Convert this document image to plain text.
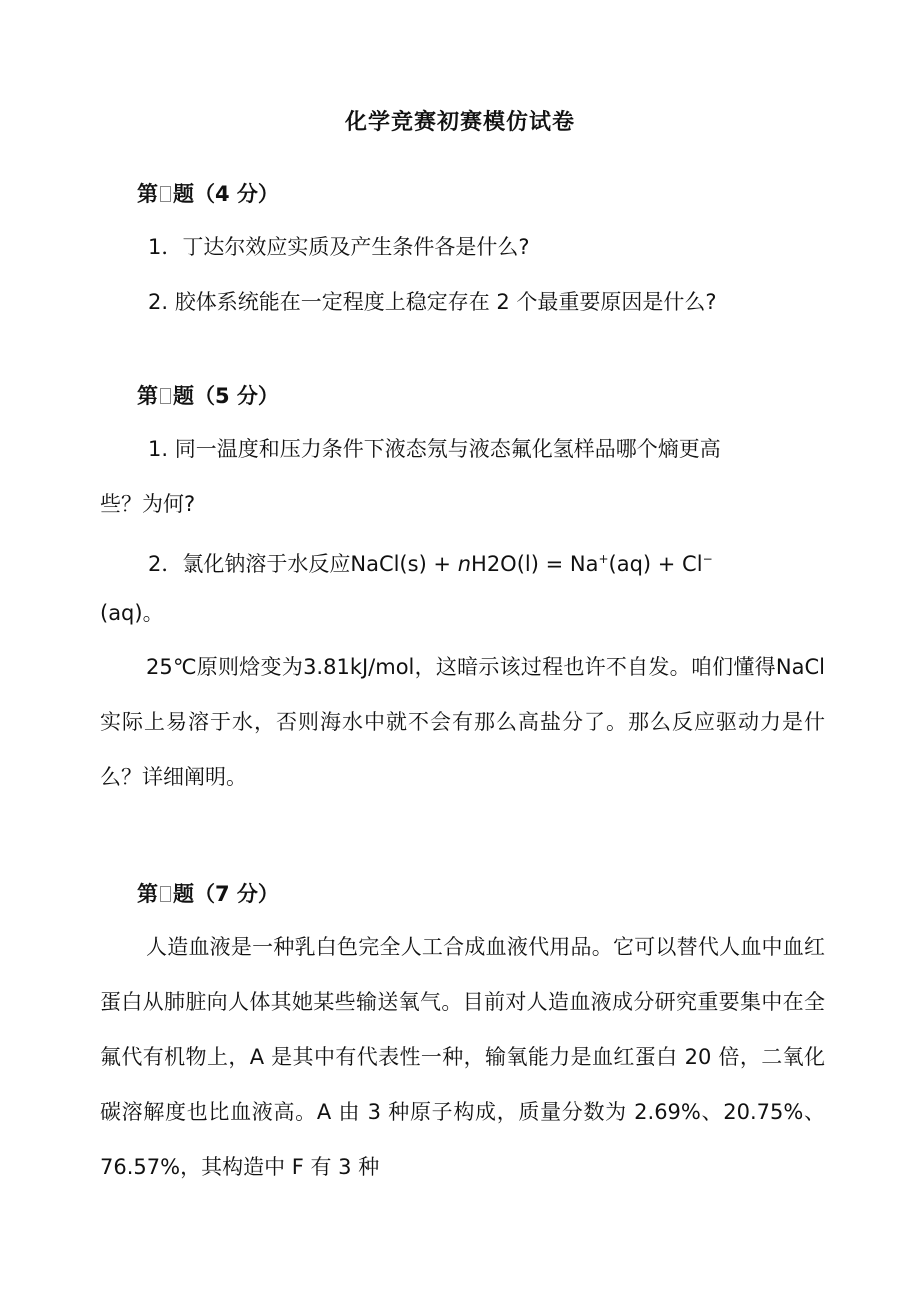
化学竞赛初赛模仿试卷
第 题（4 分）
1．丁达尔效应实质及产生条件各是什么?
2. 胶体系统能在一定程度上稳定存在 2 个最重要原因是什么?
第 题（5 分）
1. 同一温度和压力条件下液态氖与液态氟化氢样品哪个熵更高
些？为何?
2．氯化钠溶于水反应NaCl(s) + nH2O(l) = Na+(aq) + Cl−
(aq)。
25℃原则焓变为3.81kJ/mol，这暗示该过程也许不自发。咱们懂得NaCl实际上易溶于水，否则海水中就不会有那么高盐分了。那么反应驱动力是什么？详细阐明。
第 题（7 分）
人造血液是一种乳白色完全人工合成血液代用品。它可以替代人血中血红蛋白从肺脏向人体其她某些输送氧气。目前对人造血液成分研究重要集中在全氟代有机物上，A 是其中有代表性一种，输氧能力是血红蛋白 20 倍，二氧化碳溶解度也比血液高。A 由 3 种原子构成，质量分数为 2.69%、20.75%、76.57%，其构造中 F 有 3 种
